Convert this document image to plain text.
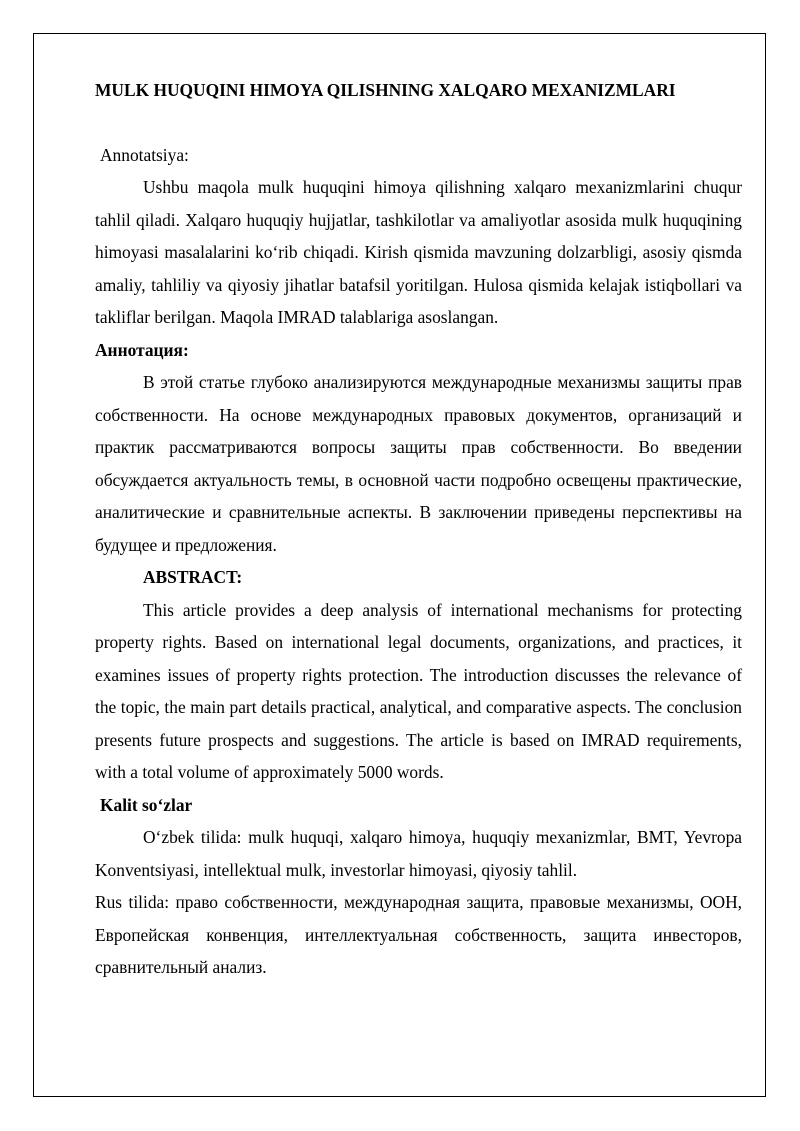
MULK HUQUQINI HIMOYA QILISHNING XALQARO MEXANIZMLARI

Annotatsiya:

Ushbu maqola mulk huquqini himoya qilishning xalqaro mexanizmlarini chuqur tahlil qiladi. Xalqaro huquqiy hujjatlar, tashkilotlar va amaliyotlar asosida mulk huquqining himoyasi masalalarini ko‘rib chiqadi. Kirish qismida mavzuning dolzarbligi, asosiy qismda amaliy, tahliliy va qiyosiy jihatlar batafsil yoritilgan. Hulosa qismida kelajak istiqbollari va takliflar berilgan. Maqola IMRAD talablariga asoslangan.

Аннотация:

В этой статье глубоко анализируются международные механизмы защиты прав собственности. На основе международных правовых документов, организаций и практик рассматриваются вопросы защиты прав собственности. Во введении обсуждается актуальность темы, в основной части подробно освещены практические, аналитические и сравнительные аспекты. В заключении приведены перспективы на будущее и предложения.

ABSTRACT:

This article provides a deep analysis of international mechanisms for protecting property rights. Based on international legal documents, organizations, and practices, it examines issues of property rights protection. The introduction discusses the relevance of the topic, the main part details practical, analytical, and comparative aspects. The conclusion presents future prospects and suggestions. The article is based on IMRAD requirements, with a total volume of approximately 5000 words.

Kalit so‘zlar

O‘zbek tilida: mulk huquqi, xalqaro himoya, huquqiy mexanizmlar, BMT, Yevropa Konventsiyasi, intellektual mulk, investorlar himoyasi, qiyosiy tahlil.

Rus tilida: право собственности, международная защита, правовые механизмы, ООН, Европейская конвенция, интеллектуальная собственность, защита инвесторов, сравнительный анализ.
